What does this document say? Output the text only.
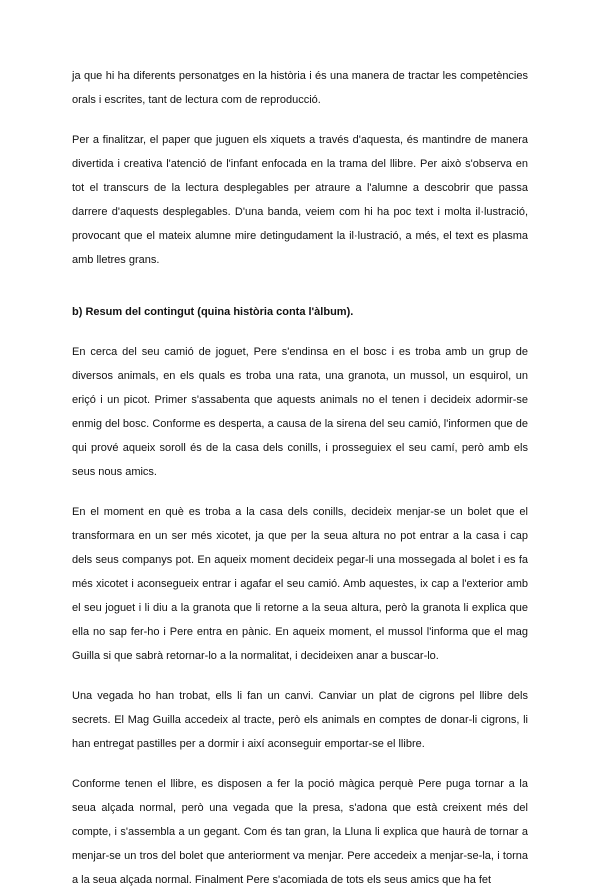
ja que hi ha diferents personatges en la història i és una manera de tractar les competències orals i escrites, tant de lectura com de reproducció.

Per a finalitzar, el paper que juguen els xiquets a través d'aquesta, és mantindre de manera divertida i creativa l'atenció de l'infant enfocada en la trama del llibre. Per això s'observa en tot el transcurs de la lectura desplegables per atraure a l'alumne a descobrir que passa darrere d'aquests desplegables. D'una banda, veiem com hi ha poc text i molta il·lustració, provocant que el mateix alumne mire detingudament la il·lustració, a més, el text es plasma amb lletres grans.

b) Resum del contingut (quina història conta l'àlbum).

En cerca del seu camió de joguet, Pere s'endinsa en el bosc i es troba amb un grup de diversos animals, en els quals es troba una rata, una granota, un mussol, un esquirol, un eriçó i un picot. Primer s'assabenta que aquests animals no el tenen i decideix adormir-se enmig del bosc. Conforme es desperta, a causa de la sirena del seu camió, l'informen que de qui prové aqueix soroll és de la casa dels conills, i prosseguiex el seu camí, però amb els seus nous amics.

En el moment en què es troba a la casa dels conills, decideix menjar-se un bolet que el transformara en un ser més xicotet, ja que per la seua altura no pot entrar a la casa i cap dels seus companys pot. En aqueix moment decideix pegar-li una mossegada al bolet i es fa més xicotet i aconsegueix entrar i agafar el seu camió. Amb aquestes, ix cap a l'exterior amb el seu joguet i li diu a la granota que li retorne a la seua altura, però la granota li explica que ella no sap fer-ho i Pere entra en pànic. En aqueix moment, el mussol l'informa que el mag Guilla si que sabrà retornar-lo a la normalitat, i decideixen anar a buscar-lo.

Una vegada ho han trobat, ells li fan un canvi. Canviar un plat de cigrons pel llibre dels secrets. El Mag Guilla accedeix al tracte, però els animals en comptes de donar-li cigrons, li han entregat pastilles per a dormir i així aconseguir emportar-se el llibre.

Conforme tenen el llibre, es disposen a fer la poció màgica perquè Pere puga tornar a la seua alçada normal, però una vegada que la presa, s'adona que està creixent més del compte, i s'assembla a un gegant. Com és tan gran, la Lluna li explica que haurà de tornar a menjar-se un tros del bolet que anteriorment va menjar. Pere accedeix a menjar-se-la, i torna a la seua alçada normal. Finalment Pere s'acomiada de tots els seus amics que ha fet
